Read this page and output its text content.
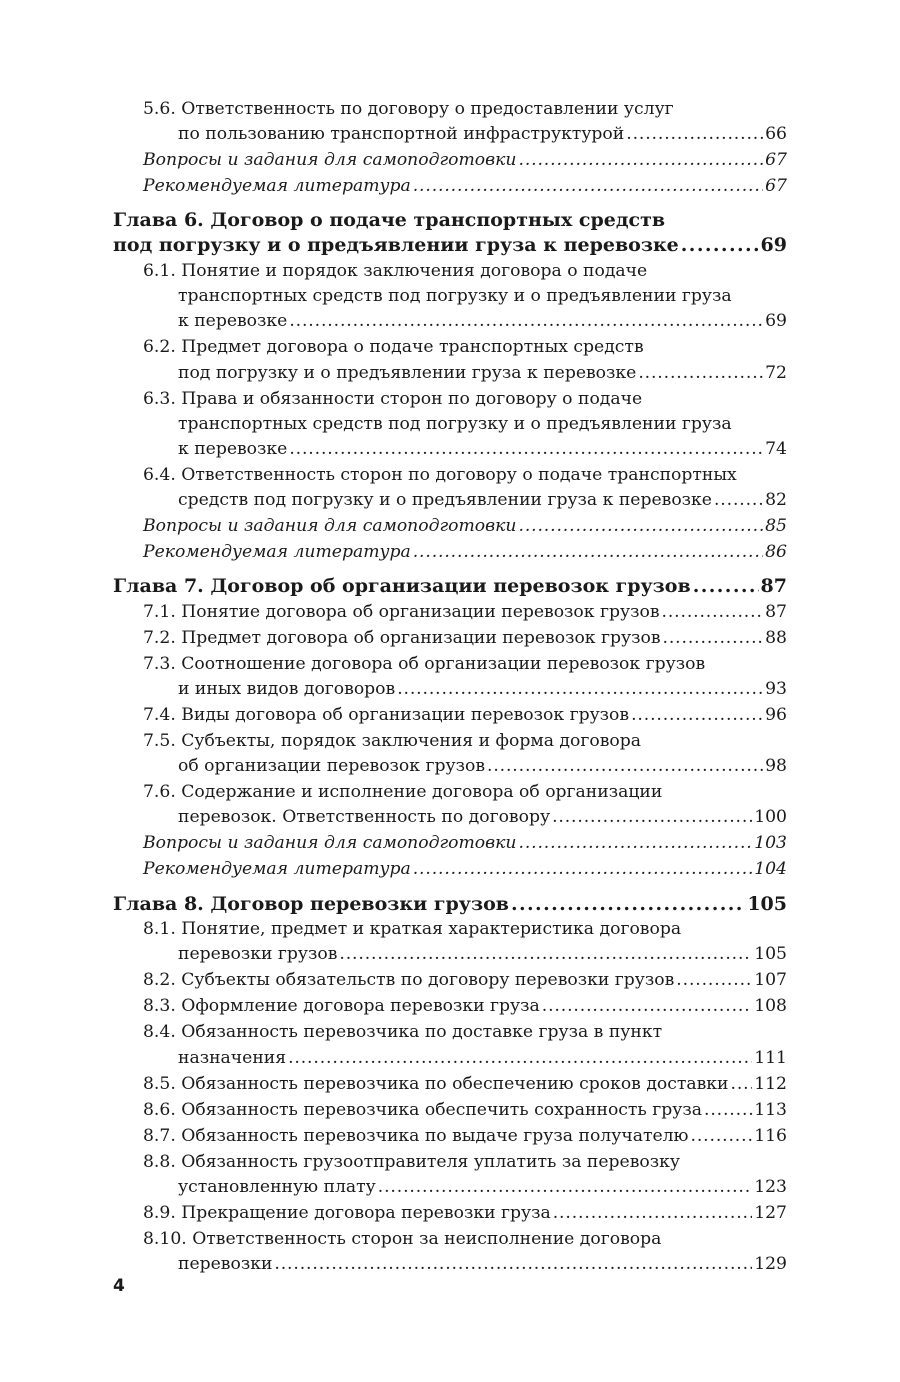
5.6. Ответственность по договору о предоставлении услуг
по пользованию транспортной инфраструктурой . . .	66
Вопросы и задания для самоподготовки . . .	67
Рекомендуемая литература . . .	67
Глава 6. Договор о подаче транспортных средств
под погрузку и о предъявлении груза к перевозке . . .	69
6.1. Понятие и порядок заключения договора о подаче
транспортных средств под погрузку и о предъявлении груза
к перевозке . . .	69
6.2. Предмет договора о подаче транспортных средств
под погрузку и о предъявлении груза к перевозке . . .	72
6.3. Права и обязанности сторон по договору о подаче
транспортных средств под погрузку и о предъявлении груза
к перевозке . . .	74
6.4. Ответственность сторон по договору о подаче транспортных
средств под погрузку и о предъявлении груза к перевозке . . .	82
Вопросы и задания для самоподготовки . . .	85
Рекомендуемая литература . . .	86
Глава 7. Договор об организации перевозок грузов . . .	87
7.1. Понятие договора об организации перевозок грузов . . .	87
7.2. Предмет договора об организации перевозок грузов . . .	88
7.3. Соотношение договора об организации перевозок грузов
и иных видов договоров . . .	93
7.4. Виды договора об организации перевозок грузов . . .	96
7.5. Субъекты, порядок заключения и форма договора
об организации перевозок грузов . . .	98
7.6. Содержание и исполнение договора об организации
перевозок. Ответственность по договору . . .	100
Вопросы и задания для самоподготовки . . .	103
Рекомендуемая литература . . .	104
Глава 8. Договор перевозки грузов . . .	105
8.1. Понятие, предмет и краткая характеристика договора
перевозки грузов . . .	105
8.2. Субъекты обязательств по договору перевозки грузов . . .	107
8.3. Оформление договора перевозки груза . . .	108
8.4. Обязанность перевозчика по доставке груза в пункт
назначения . . .	111
8.5. Обязанность перевозчика по обеспечению сроков доставки . . . 112
8.6. Обязанность перевозчика обеспечить сохранность груза . . .	113
8.7. Обязанность перевозчика по выдаче груза получателю . . .	116
8.8. Обязанность грузоотправителя уплатить за перевозку
установленную плату . . .	123
8.9. Прекращение договора перевозки груза . . .	127
8.10. Ответственность сторон за неисполнение договора
перевозки . . .	129
4
